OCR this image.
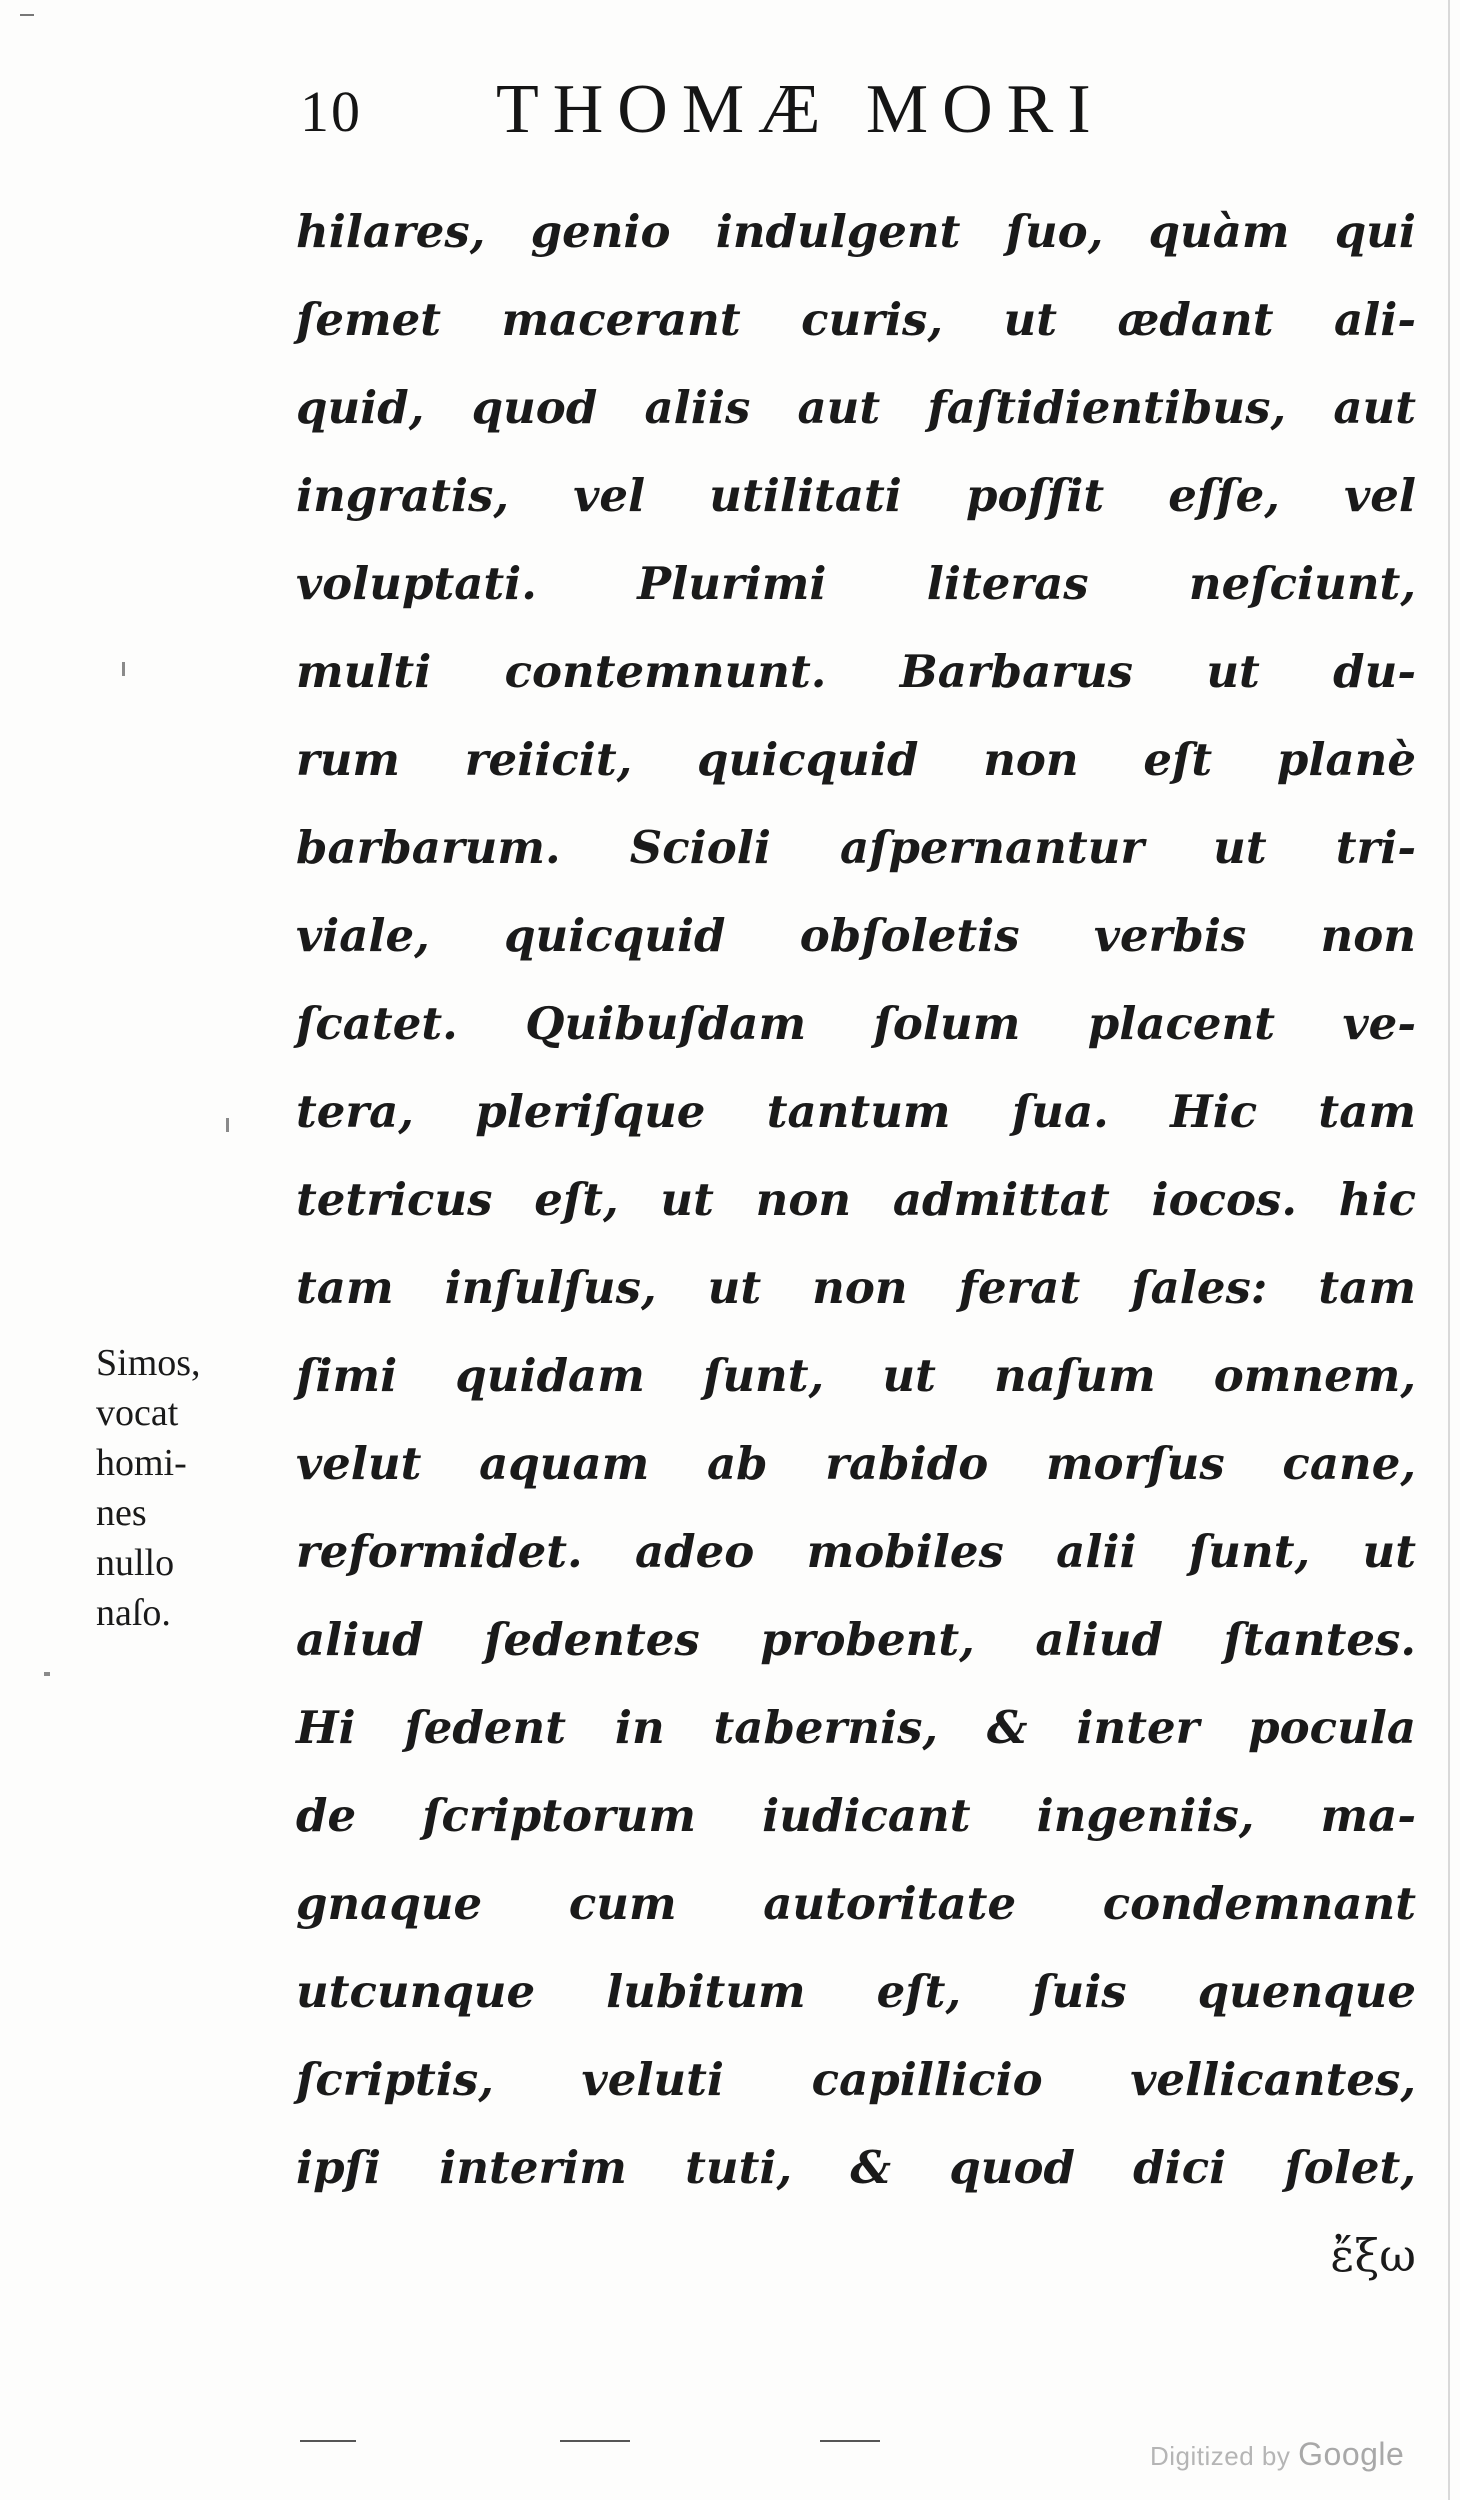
10 THOMÆ MORI
hilares, genio indulgent ſuo, quàm qui
ſemet macerant curis, ut ædant ali-
quid, quod aliis aut faſtidientibus, aut
ingratis, vel utilitati poſſit eſſe, vel
voluptati. Plurimi literas neſciunt,
multi contemnunt. Barbarus ut du-
rum reiicit, quicquid non eſt planè
barbarum. Scioli aſpernantur ut tri-
viale, quicquid obſoletis verbis non
ſcatet. Quibuſdam ſolum placent ve-
tera, pleriſque tantum ſua. Hic tam
tetricus eſt, ut non admittat iocos. hic
tam inſulſus, ut non ferat ſales: tam
ſimi quidam ſunt, ut naſum omnem,
velut aquam ab rabido morſus cane,
reformidet. adeo mobiles alii ſunt, ut
aliud ſedentes probent, aliud ſtantes.
Hi ſedent in tabernis, & inter pocula
de ſcriptorum iudicant ingeniis, ma-
gnaque cum autoritate condemnant
utcunque lubitum eſt, ſuis quenque
ſcriptis, veluti capillicio vellicantes,
ipſi interim tuti, & quod dici ſolet,
ἔξω
Simos,
vocat
homi-
nes
nullo
naſo.
Digitized by Google
